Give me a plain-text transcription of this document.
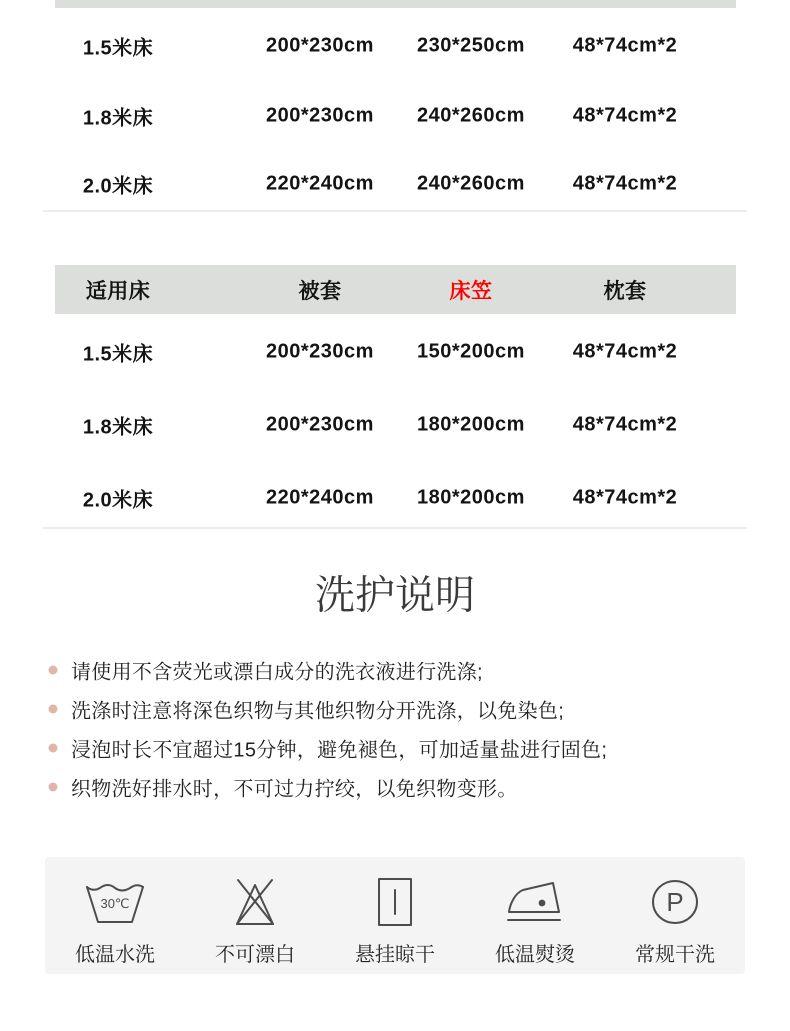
1.5米床	200*230cm 230*250cm 48*74cm*2
1.8米床	200*230cm 240*260cm 48*74cm*2
2.0米床	220*240cm 240*260cm 48*74cm*2
适用床	被套	床笠	枕套
1.5米床	200*230cm 150*200cm 48*74cm*2
1.8米床	200*230cm 180*200cm 48*74cm*2
2.0米床	220*240cm 180*200cm 48*74cm*2
洗护说明
请使用不含荧光或漂白成分的洗衣液进行洗涤;
洗涤时注意将深色织物与其他织物分开洗涤，以免染色;
浸泡时长不宜超过15分钟，避免褪色，可加适量盐进行固色;
织物洗好排水时，不可过力拧绞，以免织物变形。
30℃
低温水洗	不可漂白	悬挂晾干	低温熨烫
P
常规干洗
